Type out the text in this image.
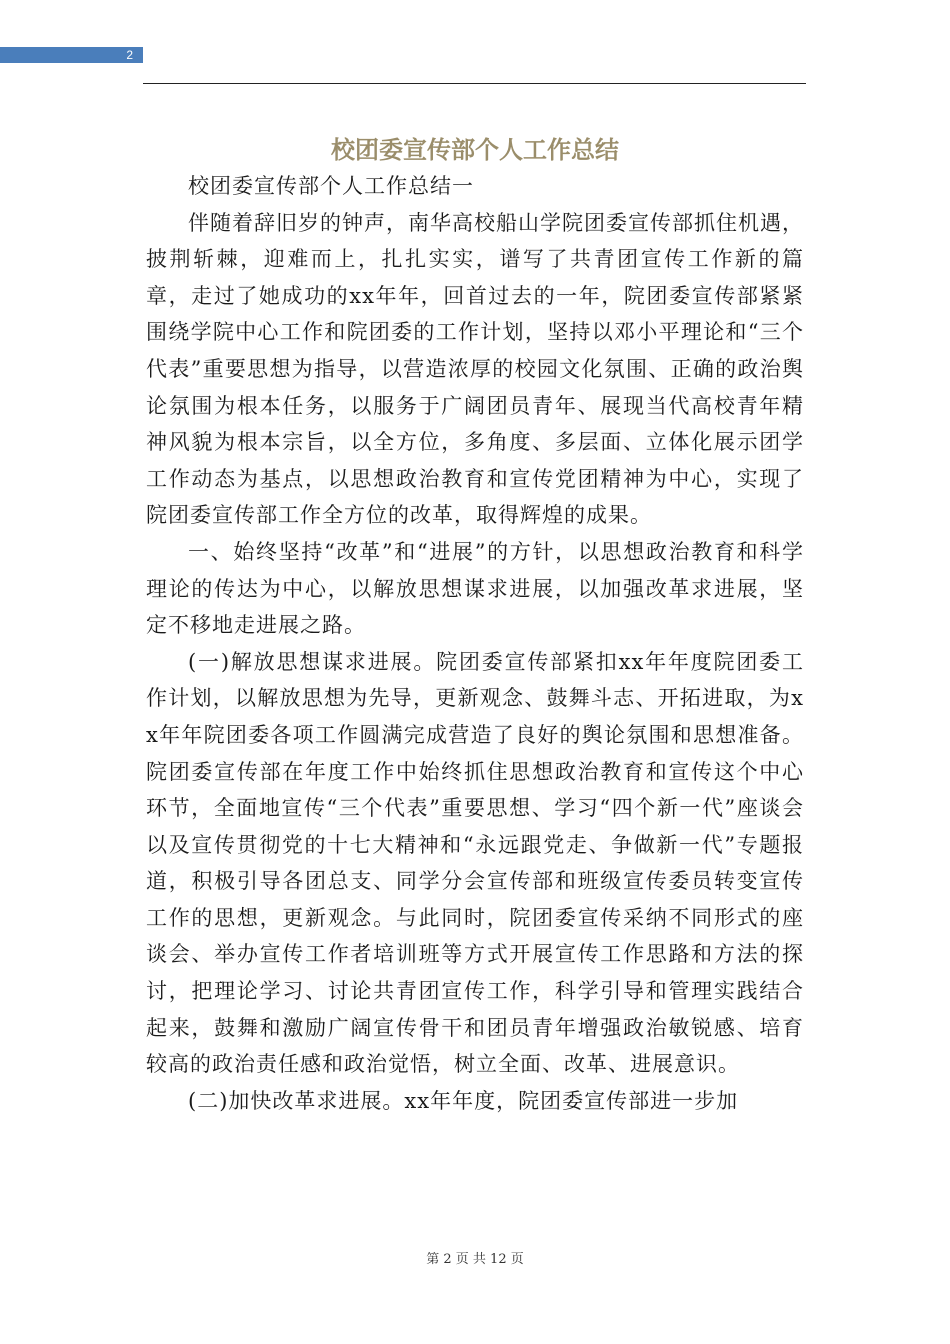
2
校团委宣传部个人工作总结

校团委宣传部个人工作总结一

伴随着辞旧岁的钟声，南华高校船山学院团委宣传部抓住机遇，披荆斩棘，迎难而上，扎扎实实，谱写了共青团宣传工作新的篇章，走过了她成功的xx年年，回首过去的一年，院团委宣传部紧紧围绕学院中心工作和院团委的工作计划，坚持以邓小平理论和“三个代表”重要思想为指导，以营造浓厚的校园文化氛围、正确的政治舆论氛围为根本任务，以服务于广阔团员青年、展现当代高校青年精神风貌为根本宗旨，以全方位，多角度、多层面、立体化展示团学工作动态为基点，以思想政治教育和宣传党团精神为中心，实现了院团委宣传部工作全方位的改革，取得辉煌的成果。

一、始终坚持“改革”和“进展”的方针，以思想政治教育和科学理论的传达为中心，以解放思想谋求进展，以加强改革求进展，坚定不移地走进展之路。

(一)解放思想谋求进展。院团委宣传部紧扣xx年年度院团委工作计划，以解放思想为先导，更新观念、鼓舞斗志、开拓进取，为xx年年院团委各项工作圆满完成营造了良好的舆论氛围和思想准备。院团委宣传部在年度工作中始终抓住思想政治教育和宣传这个中心环节，全面地宣传“三个代表”重要思想、学习“四个新一代”座谈会以及宣传贯彻党的十七大精神和“永远跟党走、争做新一代”专题报道，积极引导各团总支、同学分会宣传部和班级宣传委员转变宣传工作的思想，更新观念。与此同时，院团委宣传采纳不同形式的座谈会、举办宣传工作者培训班等方式开展宣传工作思路和方法的探讨，把理论学习、讨论共青团宣传工作，科学引导和管理实践结合起来，鼓舞和激励广阔宣传骨干和团员青年增强政治敏锐感、培育较高的政治责任感和政治觉悟，树立全面、改革、进展意识。

(二)加快改革求进展。xx年年度，院团委宣传部进一步加

第 2 页 共 12 页
